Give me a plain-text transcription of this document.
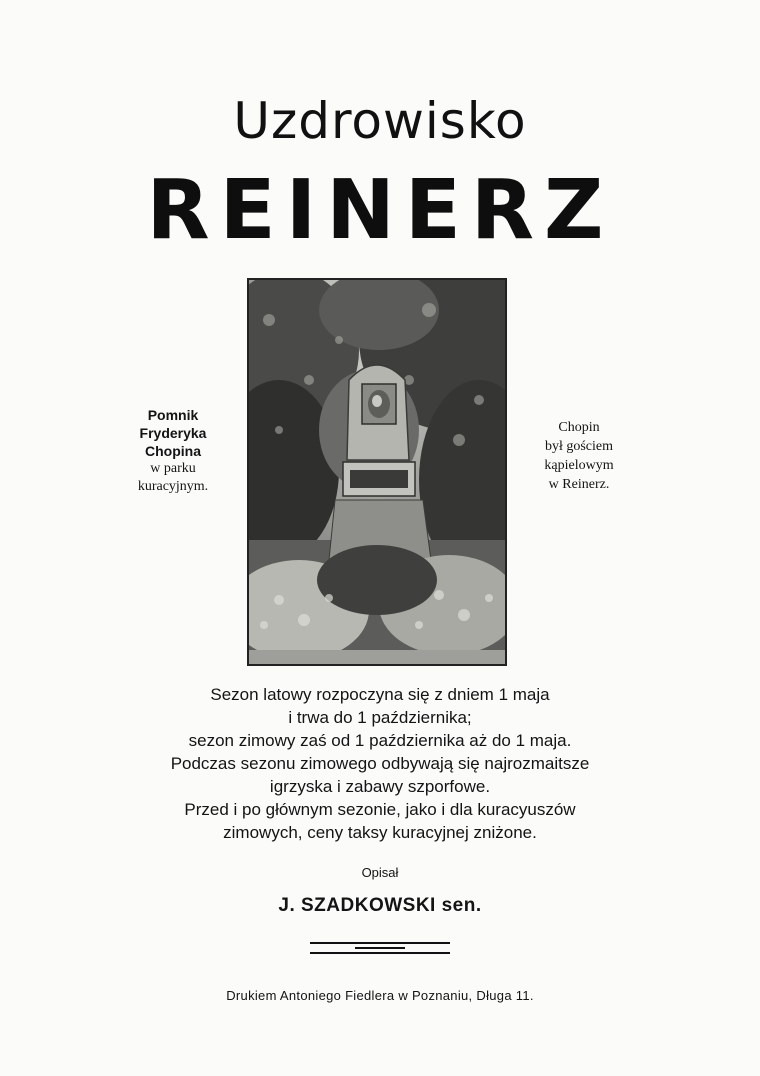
Uzdrowisko
REINERZ
Pomnik
Fryderyka
Chopina
w parku
kuracyjnym.
Chopin
był gościem
kąpielowym
w Reinerz.
Sezon latowy rozpoczyna się z dniem 1 maja
i trwa do 1 października;
sezon zimowy zaś od 1 października aż do 1 maja.
Podczas sezonu zimowego odbywają się najrozmaitsze
igrzyska i zabawy szporfowe.
Przed i po głównym sezonie, jako i dla kuracyuszów
zimowych, ceny taksy kuracyjnej zniżone.
Opisał
J. SZADKOWSKI sen.
Drukiem Antoniego Fiedlera w Poznaniu, Długa 11.
